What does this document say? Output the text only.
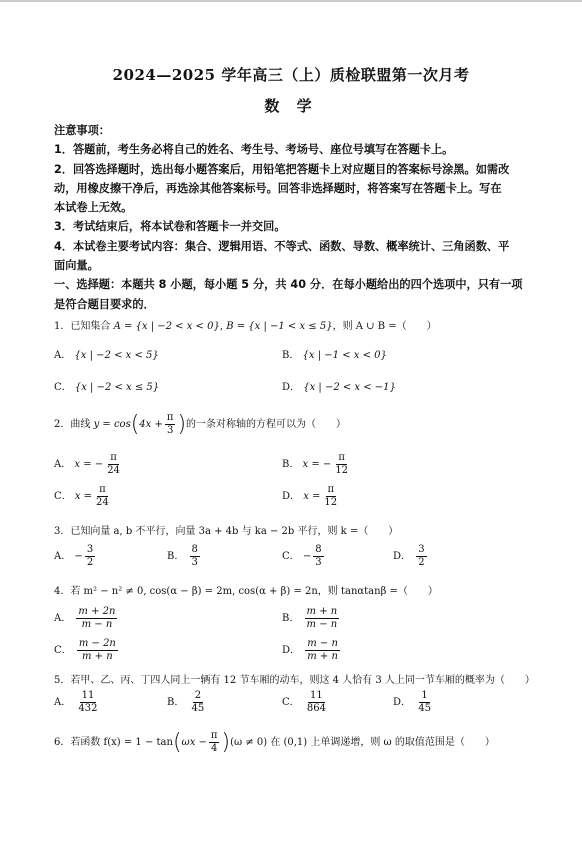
2024—2025 学年高三（上）质检联盟第一次月考
数 学

注意事项：

1．答题前，考生务必将自己的姓名、考生号、考场号、座位号填写在答题卡上。

2．回答选择题时，选出每小题答案后，用铅笔把答题卡上对应题目的答案标号涂黑。如需改

动，用橡皮擦干净后，再选涂其他答案标号。回答非选择题时，将答案写在答题卡上。写在

本试卷上无效。

3．考试结束后，将本试卷和答题卡一并交回。

4．本试卷主要考试内容：集合、逻辑用语、不等式、函数、导数、概率统计、三角函数、平

面向量。

一、选择题：本题共 8 小题，每小题 5 分，共 40 分．在每小题给出的四个选项中，只有一项

是符合题目要求的．

1．已知集合 A = {x | −2 < x < 0}, B = {x | −1 < x ≤ 5}，则 A ∪ B =（　　）
A． {x | −2 < x < 5}	B． {x | −1 < x < 0}
C． {x | −2 < x ≤ 5}	D． {x | −2 < x < −1}
2．曲线 $y = \cos(4x + \frac{\pi}{3}$ )的一条对称轴的方程可以为（　　）
A． x = − $\frac{\pi}{24}$	B． x = − $\frac{\pi}{12}$
C． $x = \frac{\pi}{24}$	D． $x = \frac{\pi}{12}$
3．已知向量 a, b 不平行，向量 3a + 4b 与 ka − 2b 平行，则 k =（　　）
A． − $\frac{3}{2}$	B． $\frac{8}{3}$	C． − $\frac{8}{3}$	D． $\frac{3}{2}$
4．若 m² − n² ≠ 0, cos(α − β) = 2m, cos(α + β) = 2n，则 tanαtanβ =（　　）
A． $\frac{m + 2n}{m - n}$	B． $\frac{m + n}{m - n}$
C． $\frac{m - 2n}{m + n}$	D． $\frac{m - n}{m + n}$
5．若甲、乙、丙、丁四人同上一辆有 12 节车厢的动车，则这 4 人恰有 3 人上同一节车厢的概率为（　　）
A． $\frac{11}{432}$	B． $\frac{2}{45}$	C． $\frac{11}{864}$	D． $\frac{1}{45}$
6．若函数 $f(x) = 1 - \tan(\omega x - \frac{\pi}{4} )(\omega \ne 0)$ 在 (0,1) 上单调递增，则 ω 的取值范围是（　　）
